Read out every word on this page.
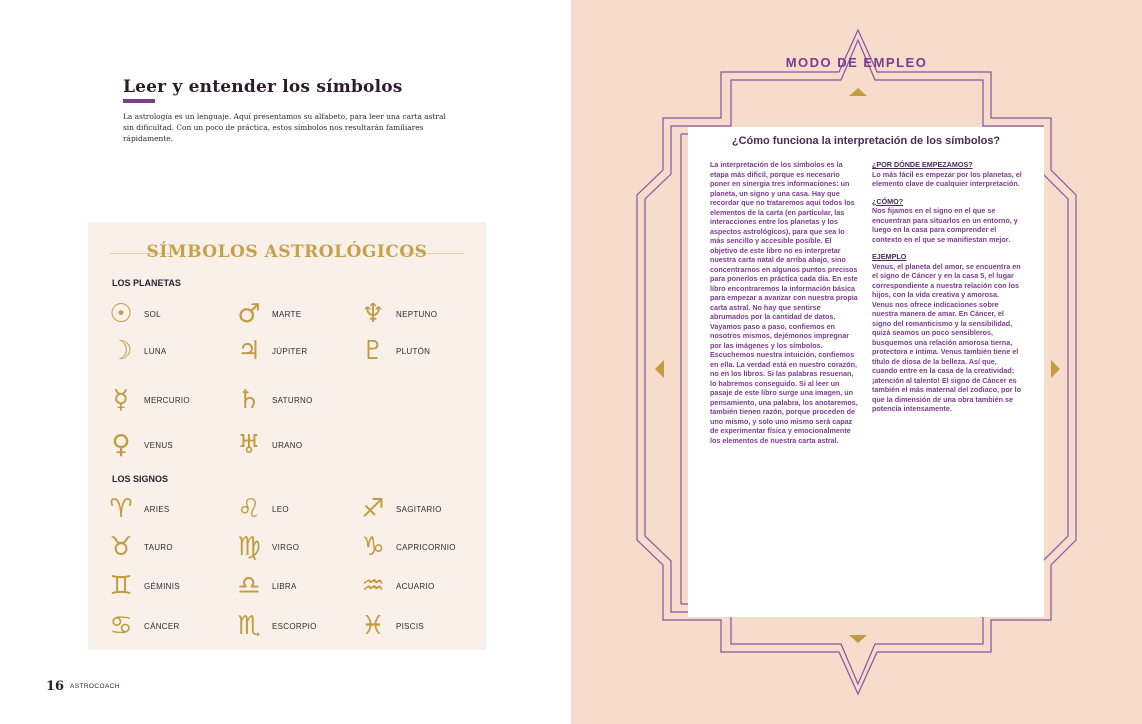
Leer y entender los símbolos
La astrología es un lenguaje. Aquí presentamos su alfabeto, para leer una carta astral sin dificultad. Con un poco de práctica, estos símbolos nos resultarán familiares rápidamente.
SÍMBOLOS ASTROLÓGICOS
LOS PLANETAS
LOS SIGNOS
☉	SOL	♂	MARTE ♆	NEPTUNO
☽	LUNA	♃	JÚPITER ♇	PLUTÓN
☿	MERCURIO ♄	SATURNO
♀	VENUS ♅	URANO
♈	ARIES	♌	LEO	♐	SAGITARIO
♉	TAURO ♍	VIRGO ♑	CAPRICORNIO
♊	GÉMINIS ♎	LIBRA ♒	ACUARIO
♋	CÁNCER ♏	ESCORPIO ♓	PISCIS
16 ASTROCOACH
MODO DE EMPLEO
¿Cómo funciona la interpretación de los símbolos?

La interpretación de los símbolos es la etapa más difícil, porque es necesario poner en sinergia tres informaciones: un planeta, un signo y una casa. Hay que recordar que no trataremos aquí todos los elementos de la carta (en particular, las interacciones entre los planetas y los aspectos astrológicos), para que sea lo más sencillo y accesible posible. El objetivo de este libro no es interpretar nuestra carta natal de arriba abajo, sino concentrarnos en algunos puntos precisos para ponerlos en práctica cada día. En este libro encontraremos la información básica para empezar a avanzar con nuestra propia carta astral. No hay que sentirse abrumados por la cantidad de datos. Vayamos paso a paso, confiemos en nosotros mismos, dejémonos impregnar por las imágenes y los símbolos. Escuchemos nuestra intuición, confiemos en ella. La verdad está en nuestro corazón, no en los libros. Si las palabras resuenan, lo habremos conseguido. Si al leer un pasaje de este libro surge una imagen, un pensamiento, una palabra, los anotaremos, también tienen razón, porque proceden de uno mismo, y solo uno mismo será capaz de experimentar física y emocionalmente los elementos de nuestra carta astral.

¿POR DÓNDE EMPEZAMOS?
Lo más fácil es empezar por los planetas, el elemento clave de cualquier interpretación.

¿CÓMO?
Nos fijamos en el signo en el que se encuentran para situarlos en un entorno, y luego en la casa para comprender el contexto en el que se manifiestan mejor.

EJEMPLO
Venus, el planeta del amor, se encuentra en el signo de Cáncer y en la casa 5, el lugar correspondiente a nuestra relación con los hijos, con la vida creativa y amorosa. Venus nos ofrece indicaciones sobre nuestra manera de amar. En Cáncer, el signo del romanticismo y la sensibilidad, quizá seamos un poco sensibleros, busquemos una relación amorosa tierna, protectora e íntima. Venus también tiene el título de diosa de la belleza. Así que, cuando entre en la casa de la creatividad: ¡atención al talento! El signo de Cáncer es también el más maternal del zodiaco, por lo que la dimensión de una obra también se potencia intensamente.
